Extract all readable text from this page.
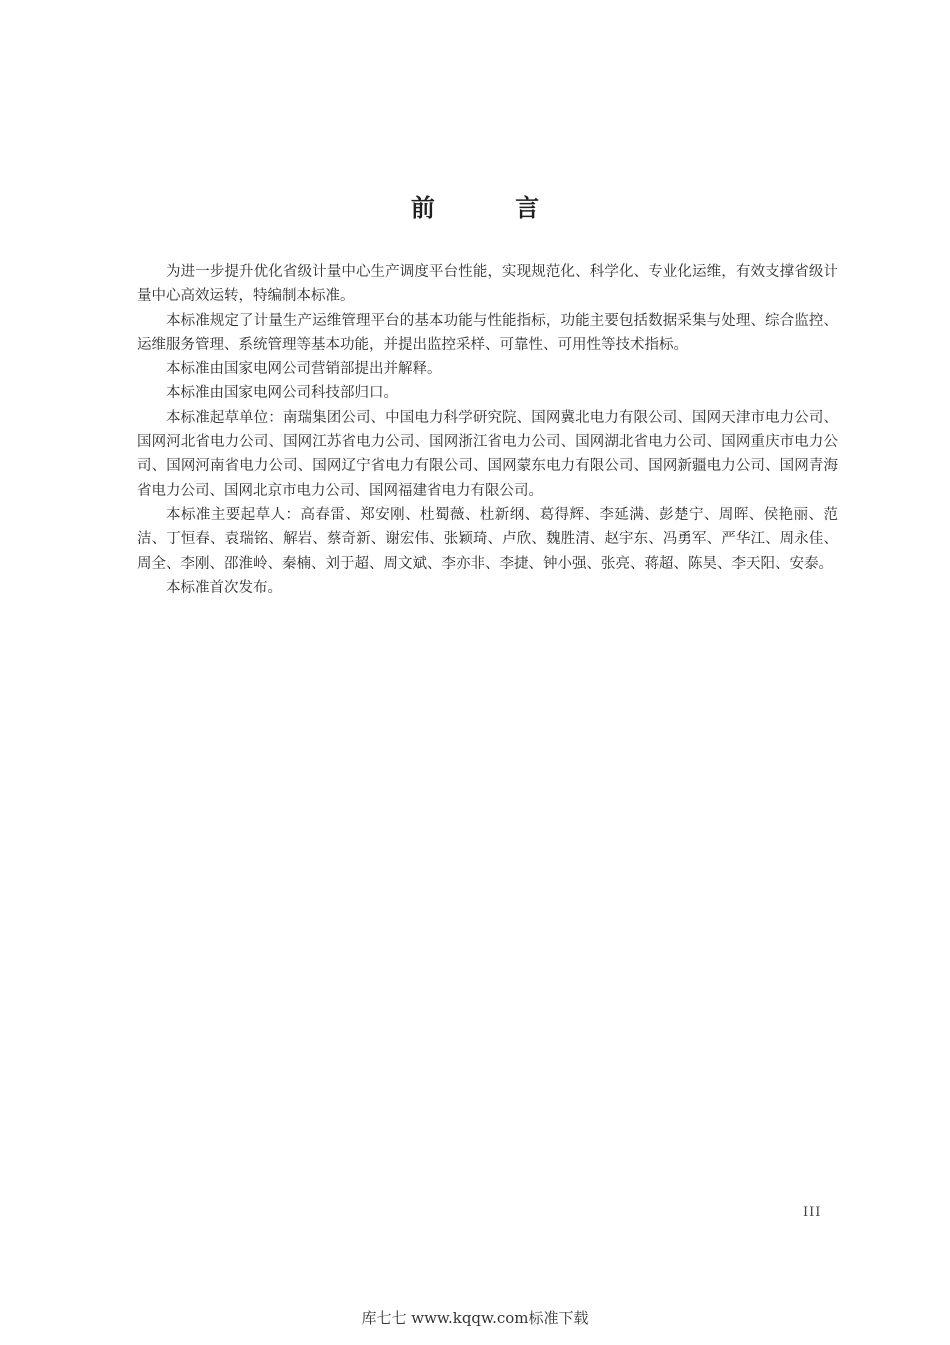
前 言

为进一步提升优化省级计量中心生产调度平台性能，实现规范化、科学化、专业化运维，有效支撑省级计量中心高效运转，特编制本标准。

本标准规定了计量生产运维管理平台的基本功能与性能指标，功能主要包括数据采集与处理、综合监控、运维服务管理、系统管理等基本功能，并提出监控采样、可靠性、可用性等技术指标。

本标准由国家电网公司营销部提出并解释。

本标准由国家电网公司科技部归口。

本标准起草单位：南瑞集团公司、中国电力科学研究院、国网冀北电力有限公司、国网天津市电力公司、国网河北省电力公司、国网江苏省电力公司、国网浙江省电力公司、国网湖北省电力公司、国网重庆市电力公司、国网河南省电力公司、国网辽宁省电力有限公司、国网蒙东电力有限公司、国网新疆电力公司、国网青海省电力公司、国网北京市电力公司、国网福建省电力有限公司。

本标准主要起草人：高春雷、郑安刚、杜蜀薇、杜新纲、葛得辉、李延满、彭楚宁、周晖、侯艳丽、范洁、丁恒春、袁瑞铭、解岩、蔡奇新、谢宏伟、张颖琦、卢欣、魏胜清、赵宇东、冯勇军、严华江、周永佳、周全、李刚、邵淮岭、秦楠、刘于超、周文斌、李亦非、李捷、钟小强、张亮、蒋超、陈昊、李天阳、安泰。

本标准首次发布。

III
库七七 www.kqqw.com标准下载
